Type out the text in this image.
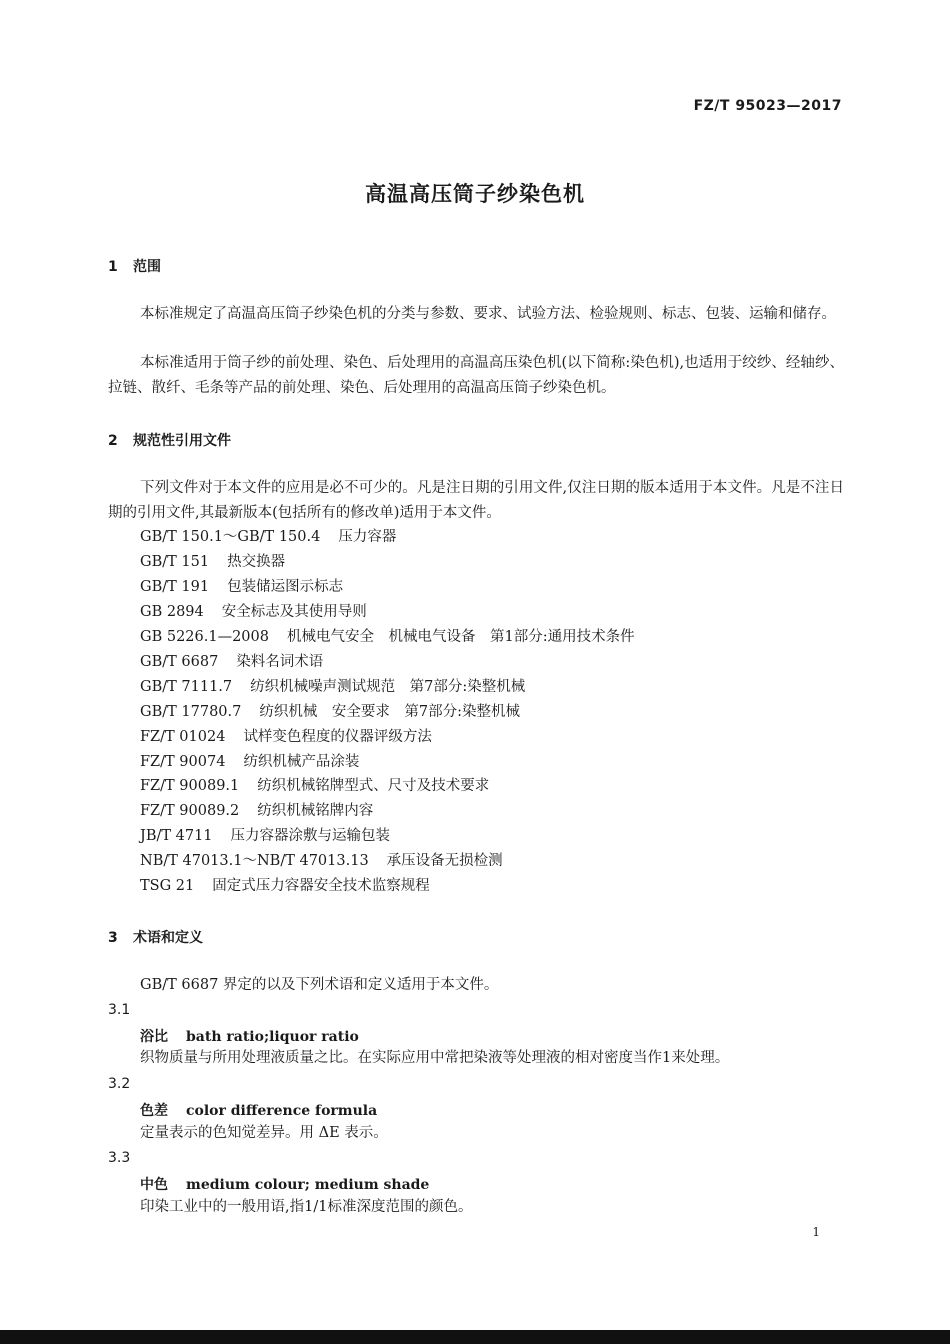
FZ/T 95023—2017
高温高压筒子纱染色机
1 范围
本标准规定了高温高压筒子纱染色机的分类与参数、要求、试验方法、检验规则、标志、包装、运输和储存。
本标准适用于筒子纱的前处理、染色、后处理用的高温高压染色机(以下简称:染色机),也适用于绞纱、经轴纱、拉链、散纤、毛条等产品的前处理、染色、后处理用的高温高压筒子纱染色机。
2 规范性引用文件
下列文件对于本文件的应用是必不可少的。凡是注日期的引用文件,仅注日期的版本适用于本文件。凡是不注日期的引用文件,其最新版本(包括所有的修改单)适用于本文件。
GB/T 150.1～GB/T 150.4 压力容器
GB/T 151 热交换器
GB/T 191 包装储运图示标志
GB 2894 安全标志及其使用导则
GB 5226.1—2008 机械电气安全　机械电气设备　第1部分:通用技术条件
GB/T 6687 染料名词术语
GB/T 7111.7 纺织机械噪声测试规范　第7部分:染整机械
GB/T 17780.7 纺织机械　安全要求　第7部分:染整机械
FZ/T 01024 试样变色程度的仪器评级方法
FZ/T 90074 纺织机械产品涂装
FZ/T 90089.1 纺织机械铭牌型式、尺寸及技术要求
FZ/T 90089.2 纺织机械铭牌内容
JB/T 4711 压力容器涂敷与运输包装
NB/T 47013.1～NB/T 47013.13 承压设备无损检测
TSG 21 固定式压力容器安全技术监察规程
3 术语和定义
GB/T 6687 界定的以及下列术语和定义适用于本文件。
3.1
浴比 bath ratio;liquor ratio
织物质量与所用处理液质量之比。在实际应用中常把染液等处理液的相对密度当作1来处理。
3.2
色差 color difference formula
定量表示的色知觉差异。用 ΔE 表示。
3.3
中色 medium colour; medium shade
印染工业中的一般用语,指1/1标准深度范围的颜色。
1
